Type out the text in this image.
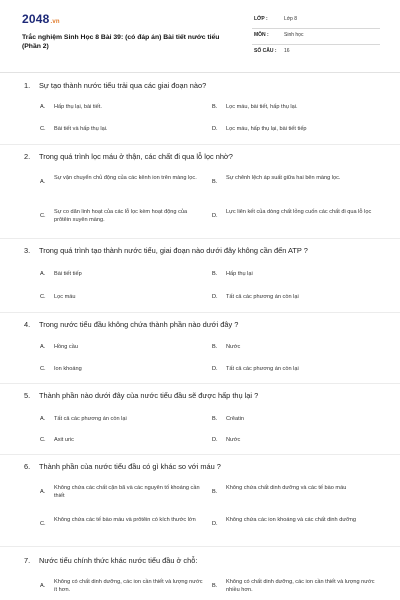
2048.vn
Trắc nghiệm Sinh Học 8 Bài 39: (có đáp án) Bài tiết nước tiểu (Phần 2)
LỚP :	Lớp 8
MÔN :	Sinh học
SỐ CÂU : 16
1. Sự tạo thành nước tiểu trải qua các giai đoạn nào?
A.	Hấp thụ lại, bài tiết.	B.	Lọc máu, bài tiết, hấp thụ lại.
C.	Bài tiết và hấp thụ lại.	D.	Lọc máu, hấp thụ lại, bài tiết tiếp
2. Trong quá trình lọc máu ở thận, các chất đi qua lỗ lọc nhờ?
A.
Sự vận chuyển chủ động của các kênh ion trên màng lọc.
B.
Sự chênh lệch áp suất giữa hai bên màng lọc.
C.
Sự co dãn linh hoạt của các lỗ lọc kèm hoạt động của prôtêin xuyên màng.
D.
Lực liên kết của dòng chất lỏng cuốn các chất đi qua lỗ lọc
3. Trong quá trình tạo thành nước tiểu, giai đoạn nào dưới đây không cần đến ATP ?
A.	Bài tiết tiếp	B.	Hấp thụ lại
C.	Lọc máu	D.	Tất cả các phương án còn lại
4. Trong nước tiểu đầu không chứa thành phần nào dưới đây ?
A.	Hồng cầu	B.	Nước
C.	Ion khoáng	D.	Tất cả các phương án còn lại
5. Thành phần nào dưới đây của nước tiểu đầu sẽ được hấp thụ lại ?
A.	Tất cả các phương án còn lại	B.	Crêatin
C.	Axit uric	D.	Nước
6. Thành phần của nước tiểu đầu có gì khác so với máu ?
A.
Không chứa các chất cặn bã và các nguyên tố khoáng cần thiết
B.
Không chứa chất dinh dưỡng và các tế bào máu
C.
Không chứa các tế bào máu và prôtêin có kích thước lớn
D.
Không chứa các ion khoáng và các chất dinh dưỡng
7. Nước tiểu chính thức khác nước tiểu đầu ở chỗ:
A.
Không có chất dinh dưỡng, các ion cần thiết và lượng nước ít hơn.
B.
Không có chất dinh dưỡng, các ion cần thiết và lượng nước nhiều hơn.
